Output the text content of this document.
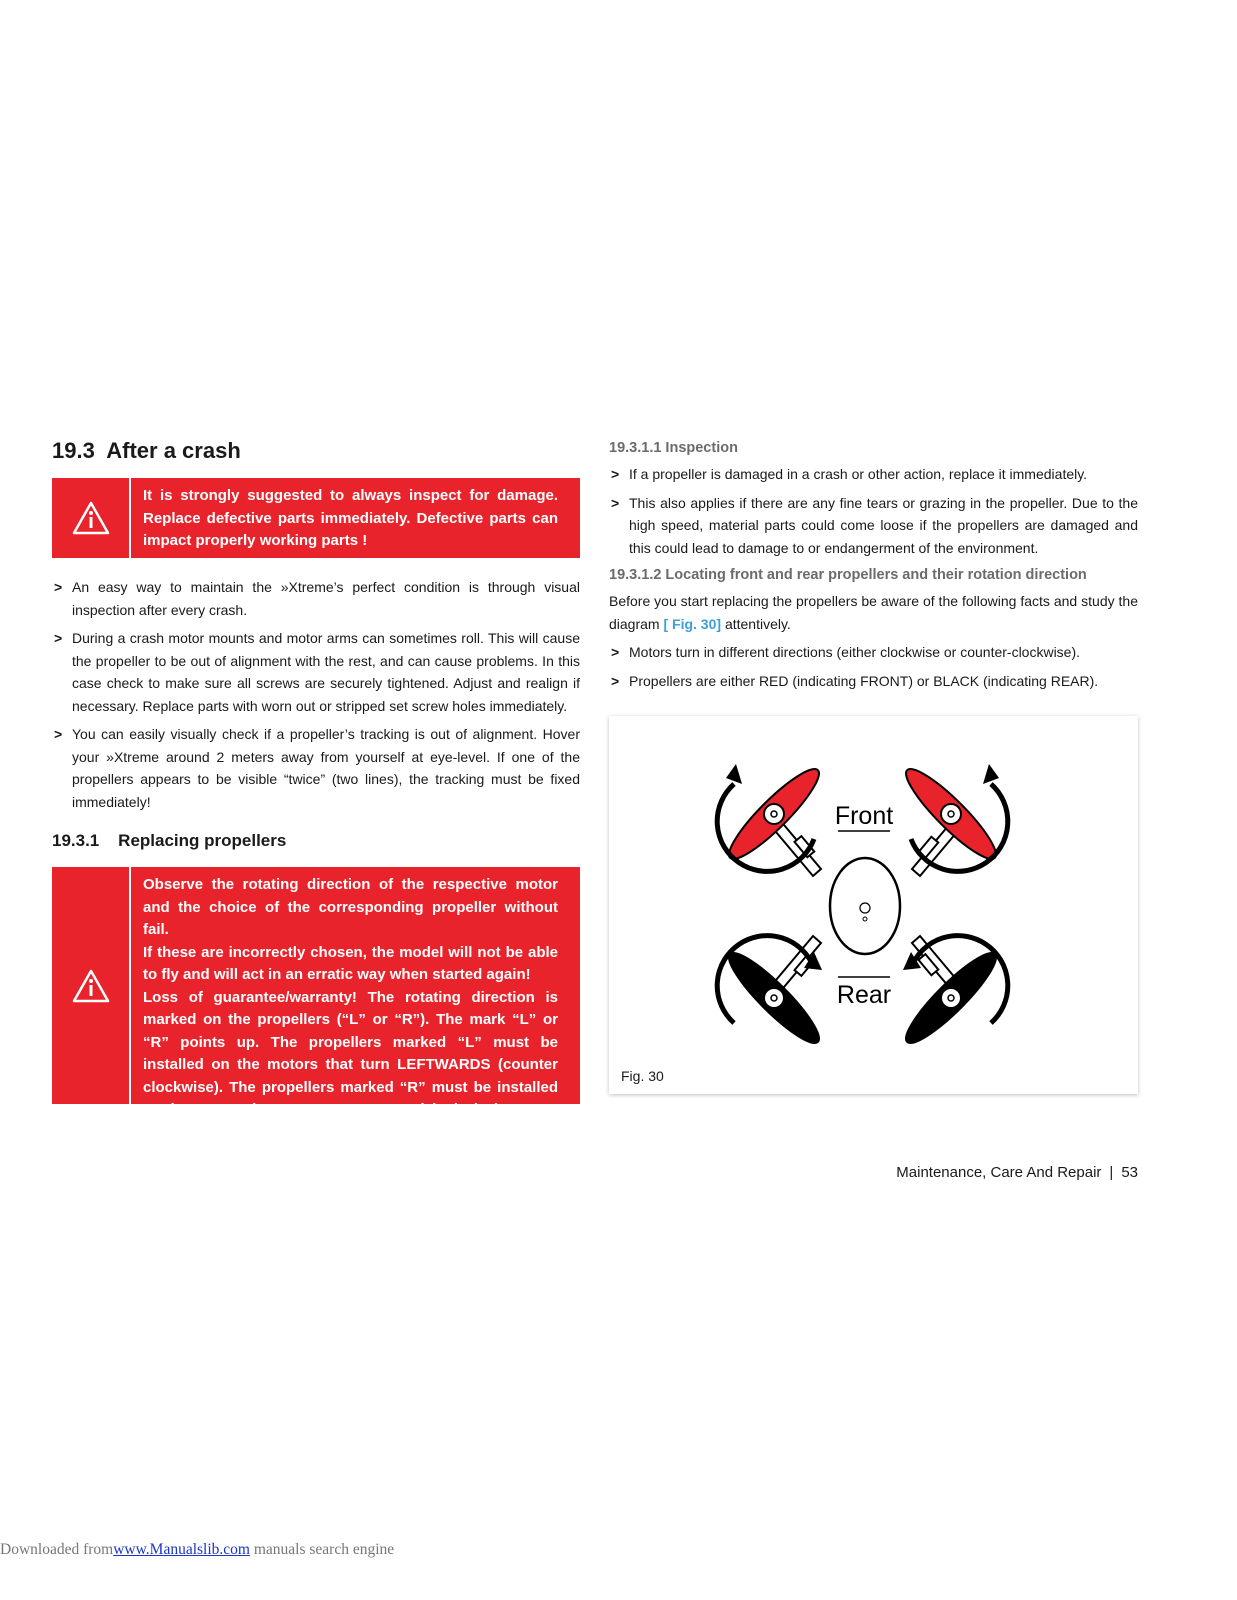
19.3 After a crash
It is strongly suggested to always inspect for damage. Replace defective parts immediately. Defective parts can impact properly working parts !
> An easy way to maintain the »Xtreme’s perfect condition is through visual inspection after every crash.
> During a crash motor mounts and motor arms can sometimes roll. This will cause the propeller to be out of alignment with the rest, and can cause problems. In this case check to make sure all screws are securely tightened. Adjust and realign if necessary. Replace parts with worn out or stripped set screw holes immediately.
> You can easily visually check if a propeller’s tracking is out of alignment. Hover your »Xtreme around 2 meters away from yourself at eye-level. If one of the propellers appears to be visible “twice” (two lines), the tracking must be fixed immediately!
19.3.1 Replacing propellers
Observe the rotating direction of the respective motor and the choice of the corresponding propeller without fail.
If these are incorrectly chosen, the model will not be able to fly and will act in an erratic way when started again!
Loss of guarantee/warranty! The rotating direction is marked on the propellers (“L” or “R”). The mark “L” or “R” points up. The propellers marked “L” must be installed on the motors that turn LEFTWARDS (counter clockwise). The propellers marked “R” must be installed on the motors that turn RIGHTWARDS (clockwise).
19.3.1.1 Inspection
> If a propeller is damaged in a crash or other action, replace it immediately.
> This also applies if there are any fine tears or grazing in the propeller. Due to the high speed, material parts could come loose if the propellers are damaged and this could lead to damage to or endangerment of the environment.
19.3.1.2 Locating front and rear propellers and their rotation direction

Before you start replacing the propellers be aware of the following facts and study the diagram [ Fig. 30] attentively.

> Motors turn in different directions (either clockwise or counter-clockwise).
> Propellers are either RED (indicating FRONT) or BLACK (indicating REAR).
Front
Rear
Fig. 30
Maintenance, Care And Repair | 53
Downloaded fromwww.Manualslib.com manuals search engine
